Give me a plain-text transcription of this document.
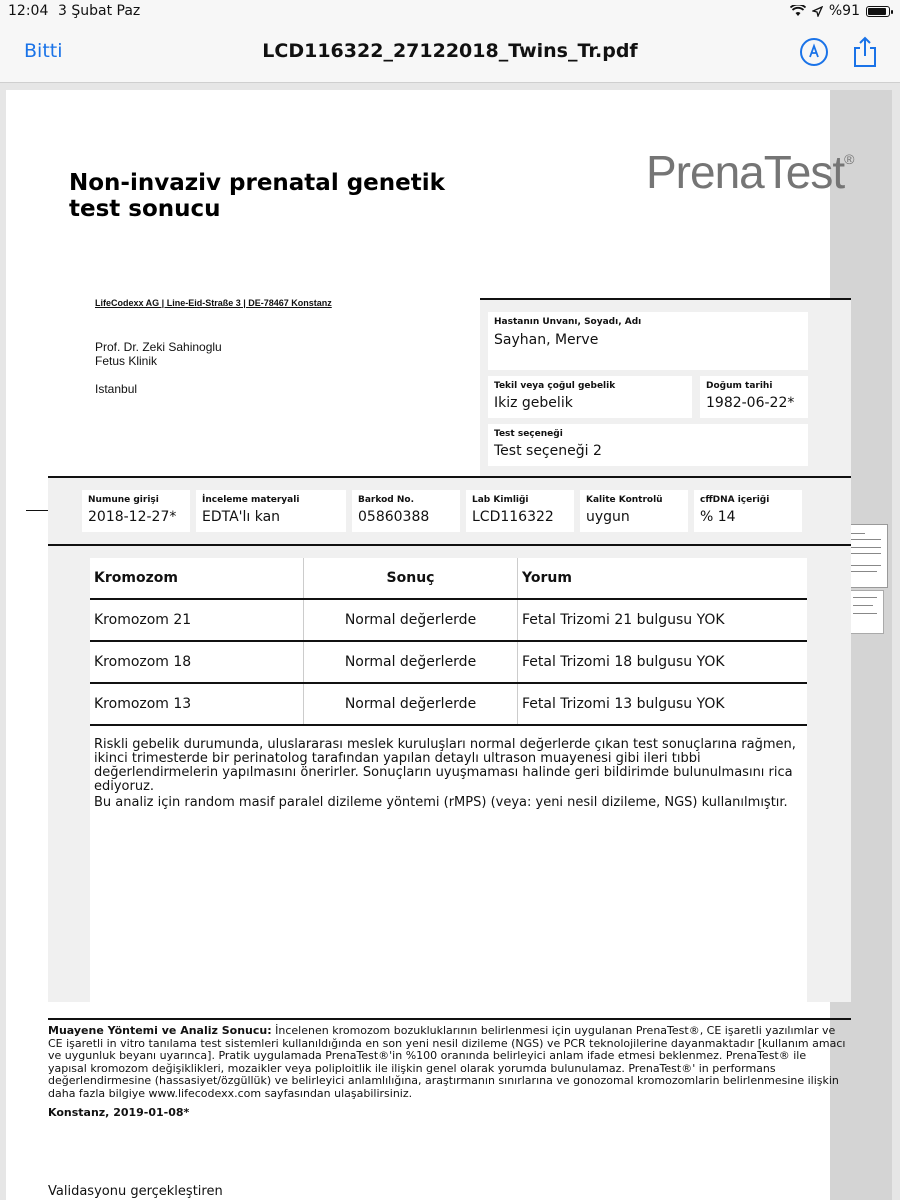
12:04 3 Şubat Paz	%91
Bitti	LCD116322_27122018_Twins_Tr.pdf
Non-invaziv prenatal genetik
test sonucu
PrenaTest®
LifeCodexx AG | Line-Eid-Straße 3 | DE-78467 Konstanz
Prof. Dr. Zeki Sahinoglu
Fetus Klinik
Istanbul
Hastanın Unvanı, Soyadı, Adı
Sayhan, Merve
Tekil veya çoğul gebelik
Ikiz gebelik
Doğum tarihi
1982-06-22*
Test seçeneği
Test seçeneği 2
Numune girişi
2018-12-27*
İnceleme materyali
EDTA'lı kan
Barkod No.
05860388
Lab Kimliği
LCD116322
Kalite Kontrolü
uygun
cffDNA içeriği
% 14
Kromozom	Sonuç	Yorum
Kromozom 21	Normal değerlerde	Fetal Trizomi 21 bulgusu YOK
Kromozom 18	Normal değerlerde	Fetal Trizomi 18 bulgusu YOK
Kromozom 13	Normal değerlerde	Fetal Trizomi 13 bulgusu YOK
Riskli gebelik durumunda, uluslararası meslek kuruluşları normal değerlerde çıkan test sonuçlarına rağmen, ikinci trimesterde bir perinatolog tarafından yapılan detaylı ultrason muayenesi gibi ileri tıbbi değerlendirmelerin yapılmasını önerirler. Sonuçların uyuşmaması halinde geri bildirimde bulunulmasını rica ediyoruz.
Bu analiz için random masif paralel dizileme yöntemi (rMPS) (veya: yeni nesil dizileme, NGS) kullanılmıştır.
Muayene Yöntemi ve Analiz Sonucu: İncelenen kromozom bozukluklarının belirlenmesi için uygulanan PrenaTest®, CE işaretli yazılımlar ve CE işaretli in vitro tanılama test sistemleri kullanıldığında en son yeni nesil dizileme (NGS) ve PCR teknolojilerine dayanmaktadır [kullanım amacı ve uygunluk beyanı uyarınca]. Pratik uygulamada PrenaTest®'in %100 oranında belirleyici anlam ifade etmesi beklenmez. PrenaTest® ile yapısal kromozom değişiklikleri, mozaikler veya poliploitlik ile ilişkin genel olarak yorumda bulunulamaz. PrenaTest®' in performans değerlendirmesine (hassasiyet/özgüllük) ve belirleyici anlamlılığına, araştırmanın sınırlarına ve gonozomal kromozomlarin belirlenmesine ilişkin daha fazla bilgiye www.lifecodexx.com sayfasından ulaşabilirsiniz.
Konstanz, 2019-01-08*
Validasyonu gerçekleştiren
